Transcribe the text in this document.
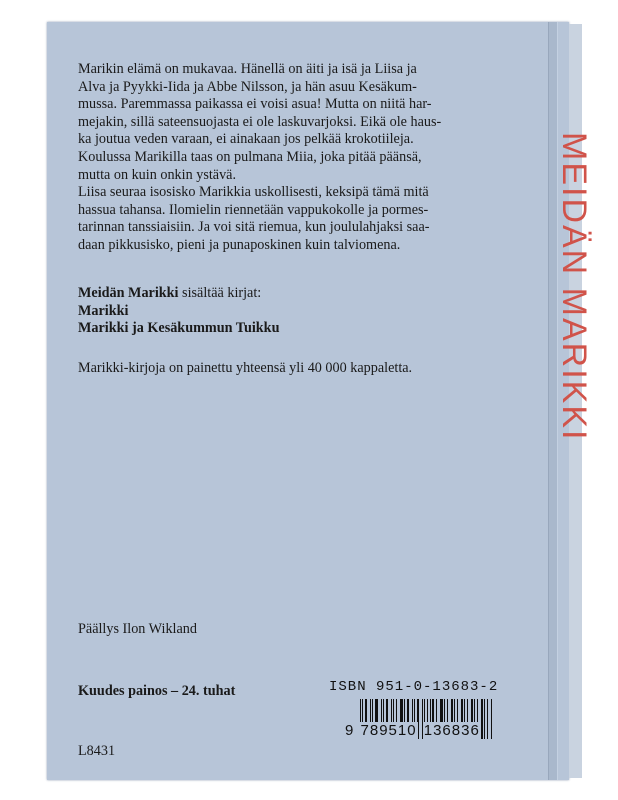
MEIDÄN MARIKKI

Marikin elämä on mukavaa. Hänellä on äiti ja isä ja Liisa ja

Alva ja Pyykki-Iida ja Abbe Nilsson, ja hän asuu Kesäkum-

mussa. Paremmassa paikassa ei voisi asua! Mutta on niitä har-

mejakin, sillä sateensuojasta ei ole laskuvarjoksi. Eikä ole haus-

ka joutua veden varaan, ei ainakaan jos pelkää krokotiileja.

Koulussa Marikilla taas on pulmana Miia, joka pitää päänsä,

mutta on kuin onkin ystävä.

Liisa seuraa isosisko Marikkia uskollisesti, keksipä tämä mitä

hassua tahansa. Ilomielin riennetään vappukokolle ja pormes-

tarinnan tanssiaisiin. Ja voi sitä riemua, kun joululahjaksi saa-

daan pikkusisko, pieni ja punaposkinen kuin talviomena.

Meidän Marikki sisältää kirjat:
Marikki
Marikki ja Kesäkummun Tuikku
Marikki-kirjoja on painettu yhteensä yli 40 000 kappaletta.
Päällys Ilon Wikland
Kuudes painos – 24. tuhat
L8431
ISBN 951-0-13683-2
9 789510 136836
